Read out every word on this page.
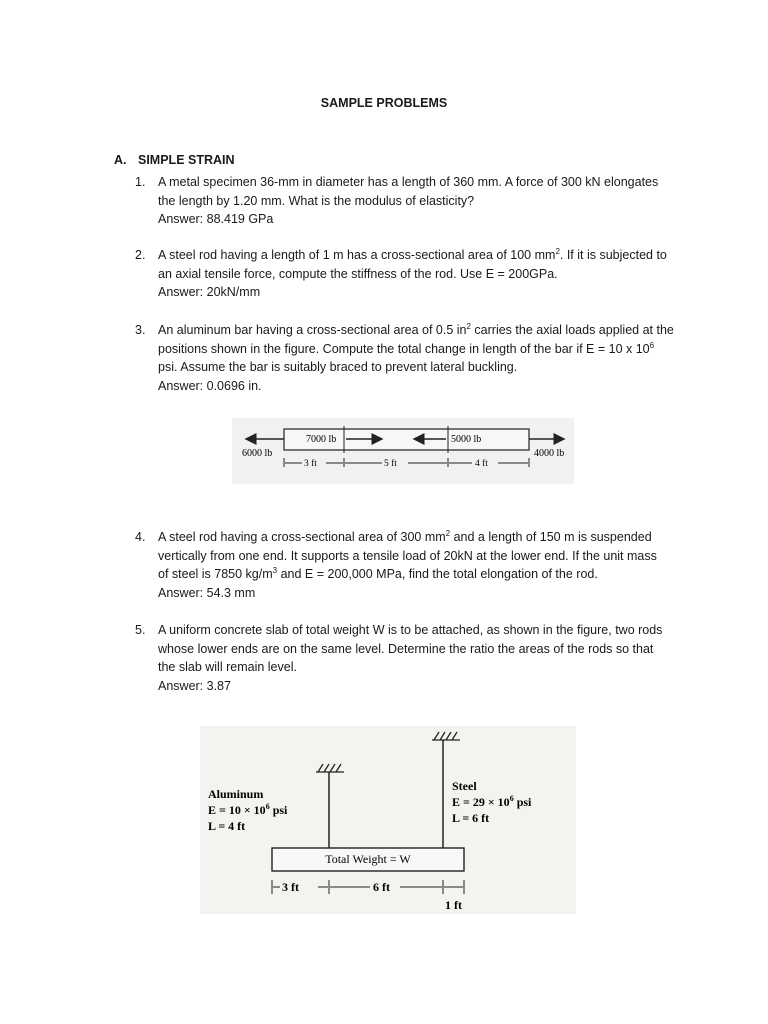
SAMPLE PROBLEMS
A. SIMPLE STRAIN
1. A metal specimen 36-mm in diameter has a length of 360 mm. A force of 300 kN elongates
the length by 1.20 mm. What is the modulus of elasticity?
Answer: 88.419 GPa
2. A steel rod having a length of 1 m has a cross-sectional area of 100 $mm^2$. If it is subjected to
an axial tensile force, compute the stiffness of the rod. Use E = 200GPa.
Answer: 20kN/mm
3. An aluminum bar having a cross-sectional area of 0.5 $in^2$ carries the axial loads applied at the
positions shown in the figure. Compute the total change in length of the bar if E = 10 x $10^6$
psi. Assume the bar is suitably braced to prevent lateral buckling.
Answer: 0.0696 in.
6000 lb
7000 lb	5000 lb
4000 lb
3 ft	5 ft	4 ft
4. A steel rod having a cross-sectional area of 300 $mm^2$ and a length of 150 m is suspended
vertically from one end. It supports a tensile load of 20kN at the lower end. If the unit mass
of steel is 7850 $kg/m^3$ and E = 200,000 MPa, find the total elongation of the rod.
Answer: 54.3 mm
5. A uniform concrete slab of total weight W is to be attached, as shown in the figure, two rods
whose lower ends are on the same level. Determine the ratio the areas of the rods so that
the slab will remain level.
Answer: 3.87
Total Weight = W
Aluminum
$E = 10 \times 10^6$ psi
L = 4 ft
Steel
$E = 29 \times 10^6$ psi
L = 6 ft
3 ft	6 ft
1 ft
